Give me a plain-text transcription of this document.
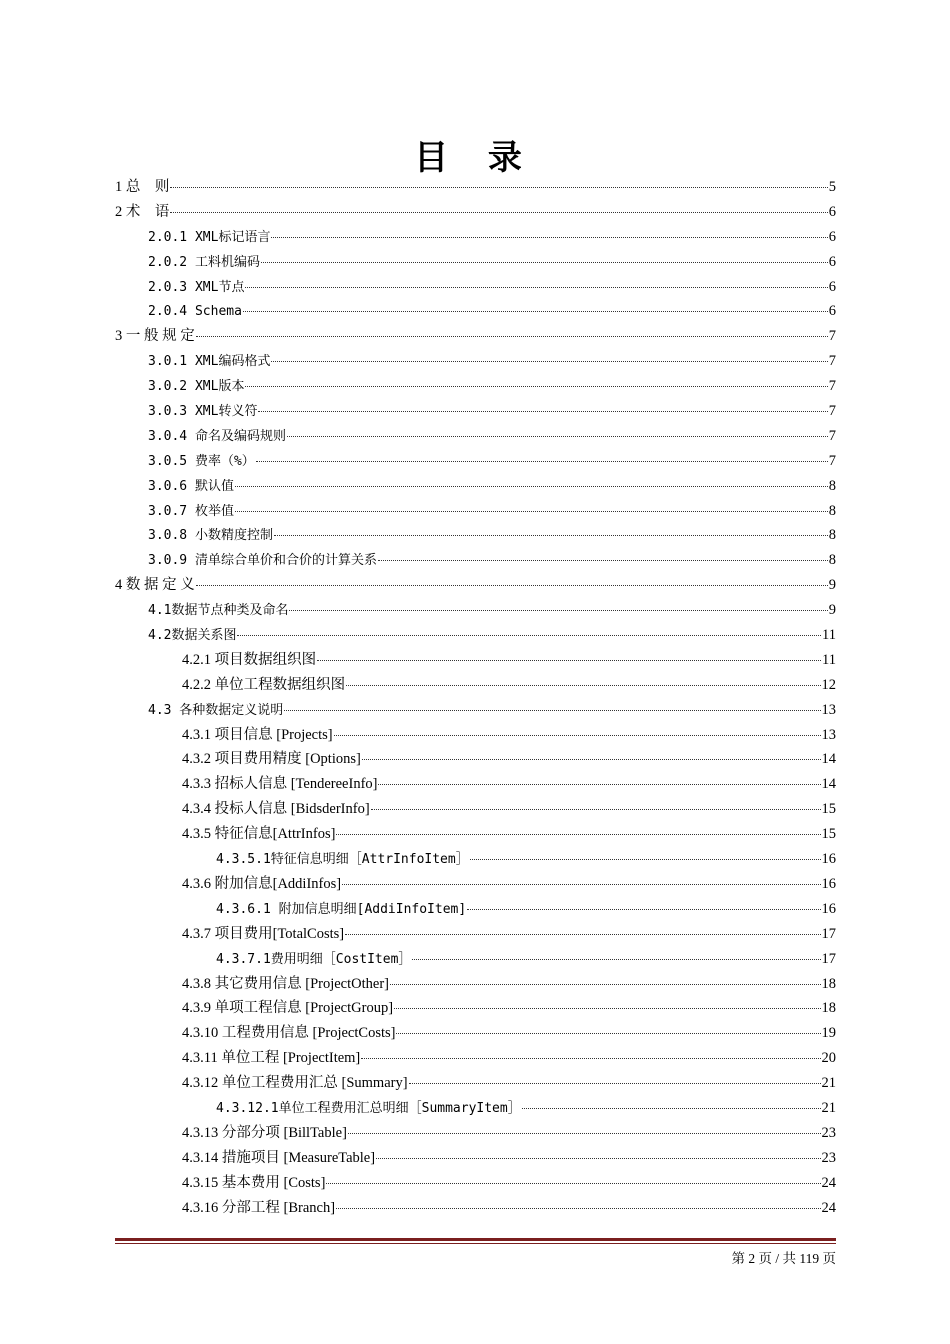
目 录
1 总　则	5
2 术　语	6
2.0.1 XML标记语言	6
2.0.2 工料机编码	6
2.0.3 XML节点	6
2.0.4 Schema	6
3 一 般 规 定	7
3.0.1 XML编码格式	7
3.0.2 XML版本	7
3.0.3 XML转义符	7
3.0.4 命名及编码规则	7
3.0.5 费率（%）	7
3.0.6 默认值	8
3.0.7 枚举值	8
3.0.8 小数精度控制	8
3.0.9 清单综合单价和合价的计算关系	8
4 数 据 定 义	9
4.1数据节点种类及命名	9
4.2数据关系图	11
4.2.1 项目数据组织图	11
4.2.2 单位工程数据组织图	12
4.3 各种数据定义说明	13
4.3.1 项目信息 [Projects]	13
4.3.2 项目费用精度 [Options]	14
4.3.3 招标人信息 [TendereeInfo]	14
4.3.4 投标人信息 [BidsderInfo]	15
4.3.5 特征信息[AttrInfos]	15
4.3.5.1特征信息明细［AttrInfoItem］	16
4.3.6 附加信息[AddiInfos]	16
4.3.6.1 附加信息明细[AddiInfoItem]	16
4.3.7 项目费用[TotalCosts]	17
4.3.7.1费用明细［CostItem］	17
4.3.8 其它费用信息 [ProjectOther]	18
4.3.9 单项工程信息 [ProjectGroup]	18
4.3.10 工程费用信息 [ProjectCosts]	19
4.3.11 单位工程 [ProjectItem]	20
4.3.12 单位工程费用汇总 [Summary]	21
4.3.12.1单位工程费用汇总明细［SummaryItem］	21
4.3.13 分部分项 [BillTable]	23
4.3.14 措施项目 [MeasureTable]	23
4.3.15 基本费用 [Costs]	24
4.3.16 分部工程 [Branch]	24
第 2 页 / 共 119 页
